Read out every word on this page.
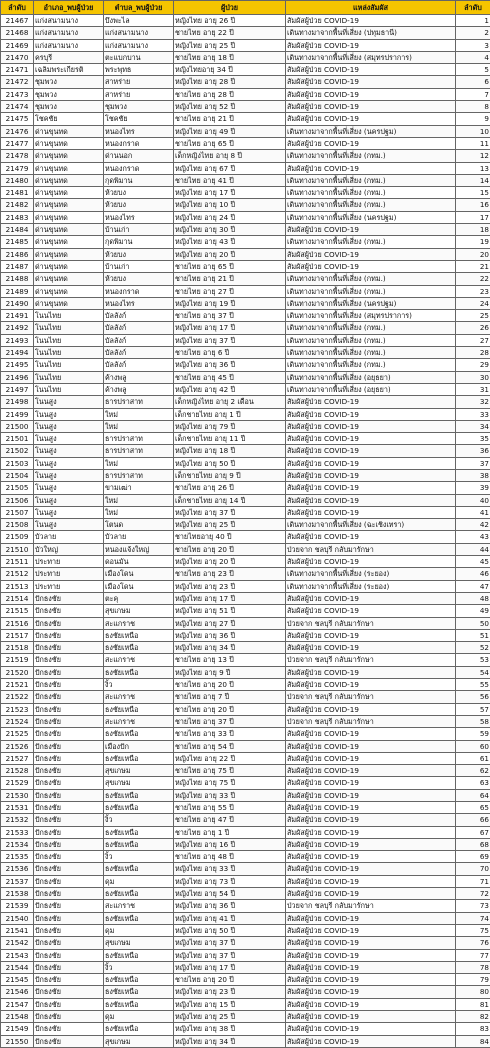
ลำดับ	อำเภอ_พบผู้ป่วย	ตำบล_พบผู้ป่วย	ผู้ป่วย	แหล่งสัมผัส	ลำดับ
21467	แก่งสนามนาง	บึงพะไล	หญิงไทย อายุ 26 ปี	สัมผัสผู้ป่วย COVID-19	1
21468	แก่งสนามนาง	แก่งสนามนาง	ชายไทย อายุ 22 ปี	เดินทางมาจากพื้นที่เสี่ยง (ปทุมธานี)	2
21469	แก่งสนามนาง	แก่งสนามนาง	หญิงไทย อายุ 25 ปี	สัมผัสผู้ป่วย COVID-19	3
21470	ครบุรี	ตะแบกบาน	ชายไทย อายุ 18 ปี	เดินทางมาจากพื้นที่เสี่ยง (สมุทรปราการ)	4
21471	เฉลิมพระเกียรติ	พระพุทธ	หญิงไทยอายุ 34 ปี	สัมผัสผู้ป่วย COVID-19	5
21472	ชุมพวง	สาหร่าย	หญิงไทย อายุ 28 ปี	สัมผัสผู้ป่วย COVID-19	6
21473	ชุมพวง	สาหร่าย	ชายไทย อายุ 28 ปี	สัมผัสผู้ป่วย COVID-19	7
21474	ชุมพวง	ชุมพวง	หญิงไทย อายุ 52 ปี	สัมผัสผู้ป่วย COVID-19	8
21475	โชคชัย	โชคชัย	ชายไทย อายุ 21 ปี	สัมผัสผู้ป่วย COVID-19	9
21476	ด่านขุนทด	หนองไทร	หญิงไทย อายุ 49 ปี	เดินทางมาจากพื้นที่เสี่ยง (นครปฐม)	10
21477	ด่านขุนทด	หนองกราด	ชายไทย อายุ 65 ปี	สัมผัสผู้ป่วย COVID-19	11
21478	ด่านขุนทด	ด่านนอก	เด็กหญิงไทย อายุ 8 ปี	เดินทางมาจากพื้นที่เสี่ยง (กทม.)	12
21479	ด่านขุนทด	หนองกราด	หญิงไทย อายุ 67 ปี	สัมผัสผู้ป่วย COVID-19	13
21480	ด่านขุนทด	กุดพิมาน	ชายไทย อายุ 41 ปี	เดินทางมาจากพื้นที่เสี่ยง (กทม.)	14
21481	ด่านขุนทด	ห้วยบง	หญิงไทย อายุ 17 ปี	เดินทางมาจากพื้นที่เสี่ยง (กทม.)	15
21482	ด่านขุนทด	ห้วยบง	หญิงไทย อายุ 10 ปี	เดินทางมาจากพื้นที่เสี่ยง (กทม.)	16
21483	ด่านขุนทด	หนองไทร	หญิงไทย อายุ 24 ปี	เดินทางมาจากพื้นที่เสี่ยง (นครปฐม)	17
21484	ด่านขุนทด	บ้านเก่า	หญิงไทย อายุ 30 ปี	สัมผัสผู้ป่วย COVID-19	18
21485	ด่านขุนทด	กุดพิมาน	หญิงไทย อายุ 43 ปี	เดินทางมาจากพื้นที่เสี่ยง (กทม.)	19
21486	ด่านขุนทด	ห้วยบง	หญิงไทย อายุ 20 ปี	สัมผัสผู้ป่วย COVID-19	20
21487	ด่านขุนทด	บ้านเก่า	ชายไทย อายุ 65 ปี	สัมผัสผู้ป่วย COVID-19	21
21488	ด่านขุนทด	ห้วยบง	ชายไทย อายุ 21 ปี	เดินทางมาจากพื้นที่เสี่ยง (กทม.)	22
21489	ด่านขุนทด	หนองกราด	ชายไทย อายุ 27 ปี	เดินทางมาจากพื้นที่เสี่ยง (กทม.)	23
21490	ด่านขุนทด	หนองไทร	หญิงไทย อายุ 19 ปี	เดินทางมาจากพื้นที่เสี่ยง (นครปฐม)	24
21491	โนนไทย	บัลลังก์	ชายไทย อายุ 37 ปี	เดินทางมาจากพื้นที่เสี่ยง (สมุทรปราการ)	25
21492	โนนไทย	บัลลังก์	หญิงไทย อายุ 17 ปี	เดินทางมาจากพื้นที่เสี่ยง (กทม.)	26
21493	โนนไทย	บัลลังก์	หญิงไทย อายุ 37 ปี	เดินทางมาจากพื้นที่เสี่ยง (กทม.)	27
21494	โนนไทย	บัลลังก์	ชายไทย อายุ 6 ปี	เดินทางมาจากพื้นที่เสี่ยง (กทม.)	28
21495	โนนไทย	บัลลังก์	หญิงไทย อายุ 36 ปี	เดินทางมาจากพื้นที่เสี่ยง (กทม.)	29
21496	โนนไทย	ค้างพลู	ชายไทย อายุ 45 ปี	เดินทางมาจากพื้นที่เสี่ยง (อยุธยา)	30
21497	โนนไทย	ค้างพลู	หญิงไทย อายุ 42 ปี	เดินทางมาจากพื้นที่เสี่ยง (อยุธยา)	31
21498	โนนสูง	ธารปราสาท	เด็กหญิงไทย อายุ 2 เดือน	สัมผัสผู้ป่วย COVID-19	32
21499	โนนสูง	ใหม่	เด็กชายไทย อายุ 1 ปี	สัมผัสผู้ป่วย COVID-19	33
21500	โนนสูง	ใหม่	หญิงไทย อายุ 79 ปี	สัมผัสผู้ป่วย COVID-19	34
21501	โนนสูง	ธารปราสาท	เด็กชายไทย อายุ 11 ปี	สัมผัสผู้ป่วย COVID-19	35
21502	โนนสูง	ธารปราสาท	หญิงไทย อายุ 18 ปี	สัมผัสผู้ป่วย COVID-19	36
21503	โนนสูง	ใหม่	หญิงไทย อายุ 50 ปี	สัมผัสผู้ป่วย COVID-19	37
21504	โนนสูง	ธารปราสาท	เด็กชายไทย อายุ 9 ปี	สัมผัสผู้ป่วย COVID-19	38
21505	โนนสูง	ขามเฒ่า	ชายไทย อายุ 26 ปี	สัมผัสผู้ป่วย COVID-19	39
21506	โนนสูง	ใหม่	เด็กชายไทย อายุ 14 ปี	สัมผัสผู้ป่วย COVID-19	40
21507	โนนสูง	ใหม่	หญิงไทย อายุ 37 ปี	สัมผัสผู้ป่วย COVID-19	41
21508	โนนสูง	โตนด	หญิงไทย อายุ 25 ปี	เดินทางมาจากพื้นที่เสี่ยง (ฉะเชิงเทรา)	42
21509	บัวลาย	บัวลาย	ชายไทยอายุ 40 ปี	สัมผัสผู้ป่วย COVID-19	43
21510	บัวใหญ่	หนองแจ้งใหญ่	ชายไทย อายุ 20 ปี	ป่วยจาก ชลบุรี กลับมารักษา	44
21511	ประทาย	ดอนมัน	หญิงไทย อายุ 20 ปี	สัมผัสผู้ป่วย COVID-19	45
21512	ประทาย	เมืองโดน	ชายไทย อายุ 23 ปี	เดินทางมาจากพื้นที่เสี่ยง (ระยอง)	46
21513	ประทาย	เมืองโดน	หญิงไทย อายุ 23 ปี	เดินทางมาจากพื้นที่เสี่ยง (ระยอง)	47
21514	ปักธงชัย	ตะคุ	หญิงไทย อายุ 17 ปี	สัมผัสผู้ป่วย COVID-19	48
21515	ปักธงชัย	สุขเกษม	หญิงไทย อายุ 51 ปี	สัมผัสผู้ป่วย COVID-19	49
21516	ปักธงชัย	สะแกราช	หญิงไทย อายุ 27 ปี	ป่วยจาก ชลบุรี กลับมารักษา	50
21517	ปักธงชัย	ธงชัยเหนือ	หญิงไทย อายุ 36 ปี	สัมผัสผู้ป่วย COVID-19	51
21518	ปักธงชัย	ธงชัยเหนือ	หญิงไทย อายุ 34 ปี	สัมผัสผู้ป่วย COVID-19	52
21519	ปักธงชัย	สะแกราช	ชายไทย อายุ 13 ปี	ป่วยจาก ชลบุรี กลับมารักษา	53
21520	ปักธงชัย	ธงชัยเหนือ	หญิงไทย อายุ 9 ปี	สัมผัสผู้ป่วย COVID-19	54
21521	ปักธงชัย	งิ้ว	ชายไทย อายุ 20 ปี	สัมผัสผู้ป่วย COVID-19	55
21522	ปักธงชัย	สะแกราช	ชายไทย อายุ 7 ปี	ป่วยจาก ชลบุรี กลับมารักษา	56
21523	ปักธงชัย	ธงชัยเหนือ	ชายไทย อายุ 20 ปี	สัมผัสผู้ป่วย COVID-19	57
21524	ปักธงชัย	สะแกราช	ชายไทย อายุ 37 ปี	ป่วยจาก ชลบุรี กลับมารักษา	58
21525	ปักธงชัย	ธงชัยเหนือ	ชายไทย อายุ 33 ปี	สัมผัสผู้ป่วย COVID-19	59
21526	ปักธงชัย	เมืองปัก	ชายไทย อายุ 54 ปี	สัมผัสผู้ป่วย COVID-19	60
21527	ปักธงชัย	ธงชัยเหนือ	หญิงไทย อายุ 22 ปี	สัมผัสผู้ป่วย COVID-19	61
21528	ปักธงชัย	สุขเกษม	ชายไทย อายุ 75 ปี	สัมผัสผู้ป่วย COVID-19	62
21529	ปักธงชัย	สุขเกษม	หญิงไทย อายุ 75 ปี	สัมผัสผู้ป่วย COVID-19	63
21530	ปักธงชัย	ธงชัยเหนือ	หญิงไทย อายุ 33 ปี	สัมผัสผู้ป่วย COVID-19	64
21531	ปักธงชัย	ธงชัยเหนือ	ชายไทย อายุ 55 ปี	สัมผัสผู้ป่วย COVID-19	65
21532	ปักธงชัย	งิ้ว	ชายไทย อายุ 47 ปี	สัมผัสผู้ป่วย COVID-19	66
21533	ปักธงชัย	ธงชัยเหนือ	ชายไทย อายุ 1 ปี	สัมผัสผู้ป่วย COVID-19	67
21534	ปักธงชัย	ธงชัยเหนือ	หญิงไทย อายุ 16 ปี	สัมผัสผู้ป่วย COVID-19	68
21535	ปักธงชัย	งิ้ว	ชายไทย อายุ 48 ปี	สัมผัสผู้ป่วย COVID-19	69
21536	ปักธงชัย	ธงชัยเหนือ	หญิงไทย อายุ 33 ปี	สัมผัสผู้ป่วย COVID-19	70
21537	ปักธงชัย	ดุม	หญิงไทย อายุ 73 ปี	สัมผัสผู้ป่วย COVID-19	71
21538	ปักธงชัย	ธงชัยเหนือ	หญิงไทย อายุ 54 ปี	สัมผัสผู้ป่วย COVID-19	72
21539	ปักธงชัย	สะแกราช	หญิงไทย อายุ 36 ปี	ป่วยจาก ชลบุรี กลับมารักษา	73
21540	ปักธงชัย	ธงชัยเหนือ	หญิงไทย อายุ 41 ปี	สัมผัสผู้ป่วย COVID-19	74
21541	ปักธงชัย	ดุม	หญิงไทย อายุ 50 ปี	สัมผัสผู้ป่วย COVID-19	75
21542	ปักธงชัย	สุขเกษม	หญิงไทย อายุ 37 ปี	สัมผัสผู้ป่วย COVID-19	76
21543	ปักธงชัย	ธงชัยเหนือ	หญิงไทย อายุ 37 ปี	สัมผัสผู้ป่วย COVID-19	77
21544	ปักธงชัย	งิ้ว	หญิงไทย อายุ 17 ปี	สัมผัสผู้ป่วย COVID-19	78
21545	ปักธงชัย	ธงชัยเหนือ	ชายไทย อายุ 20 ปี	สัมผัสผู้ป่วย COVID-19	79
21546	ปักธงชัย	ธงชัยเหนือ	หญิงไทย อายุ 23 ปี	สัมผัสผู้ป่วย COVID-19	80
21547	ปักธงชัย	ธงชัยเหนือ	หญิงไทย อายุ 15 ปี	สัมผัสผู้ป่วย COVID-19	81
21548	ปักธงชัย	ดุม	หญิงไทย อายุ 25 ปี	สัมผัสผู้ป่วย COVID-19	82
21549	ปักธงชัย	ธงชัยเหนือ	หญิงไทย อายุ 38 ปี	สัมผัสผู้ป่วย COVID-19	83
21550	ปักธงชัย	สุขเกษม	หญิงไทย อายุ 34 ปี	สัมผัสผู้ป่วย COVID-19	84
